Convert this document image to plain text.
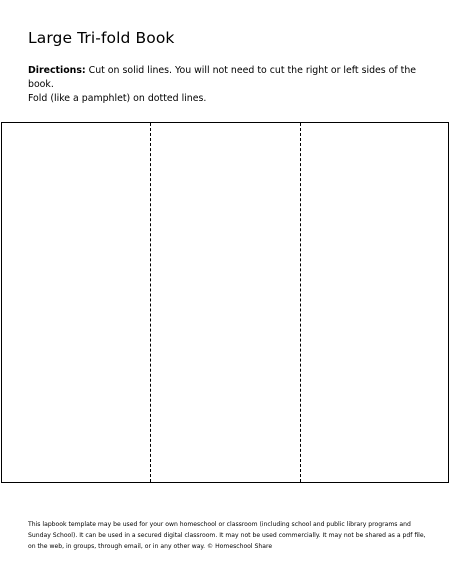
Large Tri-fold Book
Directions: Cut on solid lines. You will not need to cut the right or left sides of the book.
Fold (like a pamphlet) on dotted lines.
This lapbook template may be used for your own homeschool or classroom (including school and public library programs and
Sunday School). It can be used in a secured digital classroom. It may not be used commercially. It may not be shared as a pdf file,
on the web, in groups, through email, or in any other way. © Homeschool Share
